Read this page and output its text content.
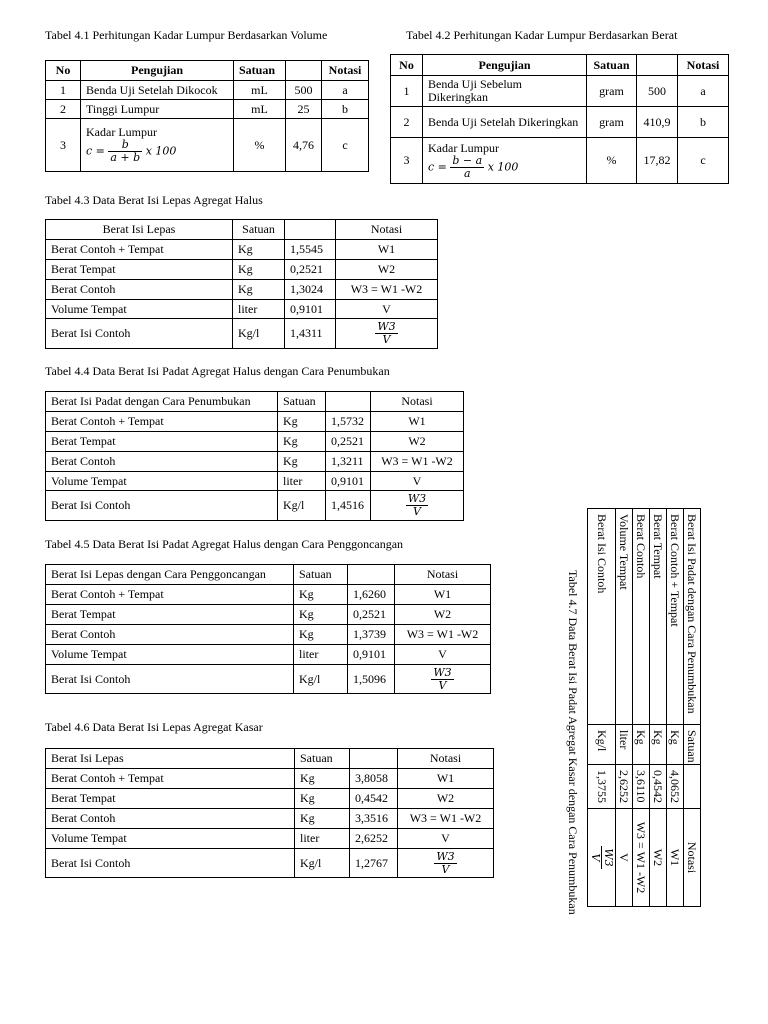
Tabel 4.1 Perhitungan Kadar Lumpur Berdasarkan Volume
No	Pengujian	Satuan		Notasi
1	Benda Uji Setelah Dikocok	mL	500	a
2	Tinggi Lumpur	mL	25	b
3	Kadar Lumpur
$c = \frac{b}{a + b}$ x 100	%	4,76	c
Tabel 4.2 Perhitungan Kadar Lumpur Berdasarkan Berat
No	Pengujian	Satuan		Notasi
1	Benda Uji Sebelum Dikeringkan	gram	500	a
2	Benda Uji Setelah Dikeringkan	gram	410,9	b
3	Kadar Lumpur
$c = \frac{b - a}{a}$ x 100	%	17,82	c
Tabel 4.3 Data Berat Isi Lepas Agregat Halus
Berat Isi Lepas	Satuan		Notasi
Berat Contoh + Tempat	Kg	1,5545	W1
Berat Tempat	Kg	0,2521	W2
Berat Contoh	Kg	1,3024	W3 = W1 -W2
Volume Tempat	liter	0,9101	V
Berat Isi Contoh	Kg/l	1,4311	$\frac{W3}{V}$
Tabel 4.4 Data Berat Isi Padat Agregat Halus dengan Cara Penumbukan
Berat Isi Padat dengan Cara Penumbukan	Satuan		Notasi
Berat Contoh + Tempat	Kg	1,5732	W1
Berat Tempat	Kg	0,2521	W2
Berat Contoh	Kg	1,3211	W3 = W1 -W2
Volume Tempat	liter	0,9101	V
Berat Isi Contoh	Kg/l	1,4516	$\frac{W3}{V}$
Tabel 4.5 Data Berat Isi Padat Agregat Halus dengan Cara Penggoncangan
Berat Isi Lepas dengan Cara Penggoncangan	Satuan		Notasi
Berat Contoh + Tempat	Kg	1,6260	W1
Berat Tempat	Kg	0,2521	W2
Berat Contoh	Kg	1,3739	W3 = W1 -W2
Volume Tempat	liter	0,9101	V
Berat Isi Contoh	Kg/l	1,5096	$\frac{W3}{V}$
Tabel 4.6 Data Berat Isi Lepas Agregat Kasar
Berat Isi Lepas	Satuan		Notasi
Berat Contoh + Tempat	Kg	3,8058	W1
Berat Tempat	Kg	0,4542	W2
Berat Contoh	Kg	3,3516	W3 = W1 -W2
Volume Tempat	liter	2,6252	V
Berat Isi Contoh	Kg/l	1,2767	$\frac{W3}{V}$
Berat Isi Padat dengan Cara Penumbukan	Satuan		Notasi
Berat Contoh + Tempat	Kg	4,0652	W1
Berat Tempat	Kg	0,4542	W2
Berat Contoh	Kg	3,6110	W3 = W1 -W2
Volume Tempat	liter	2,6252	V
Berat Isi Contoh	Kg/l	1,3755	W3
V
Tabel 4.7 Data Berat Isi Padat Agregat Kasar dengan Cara Penumbukan
